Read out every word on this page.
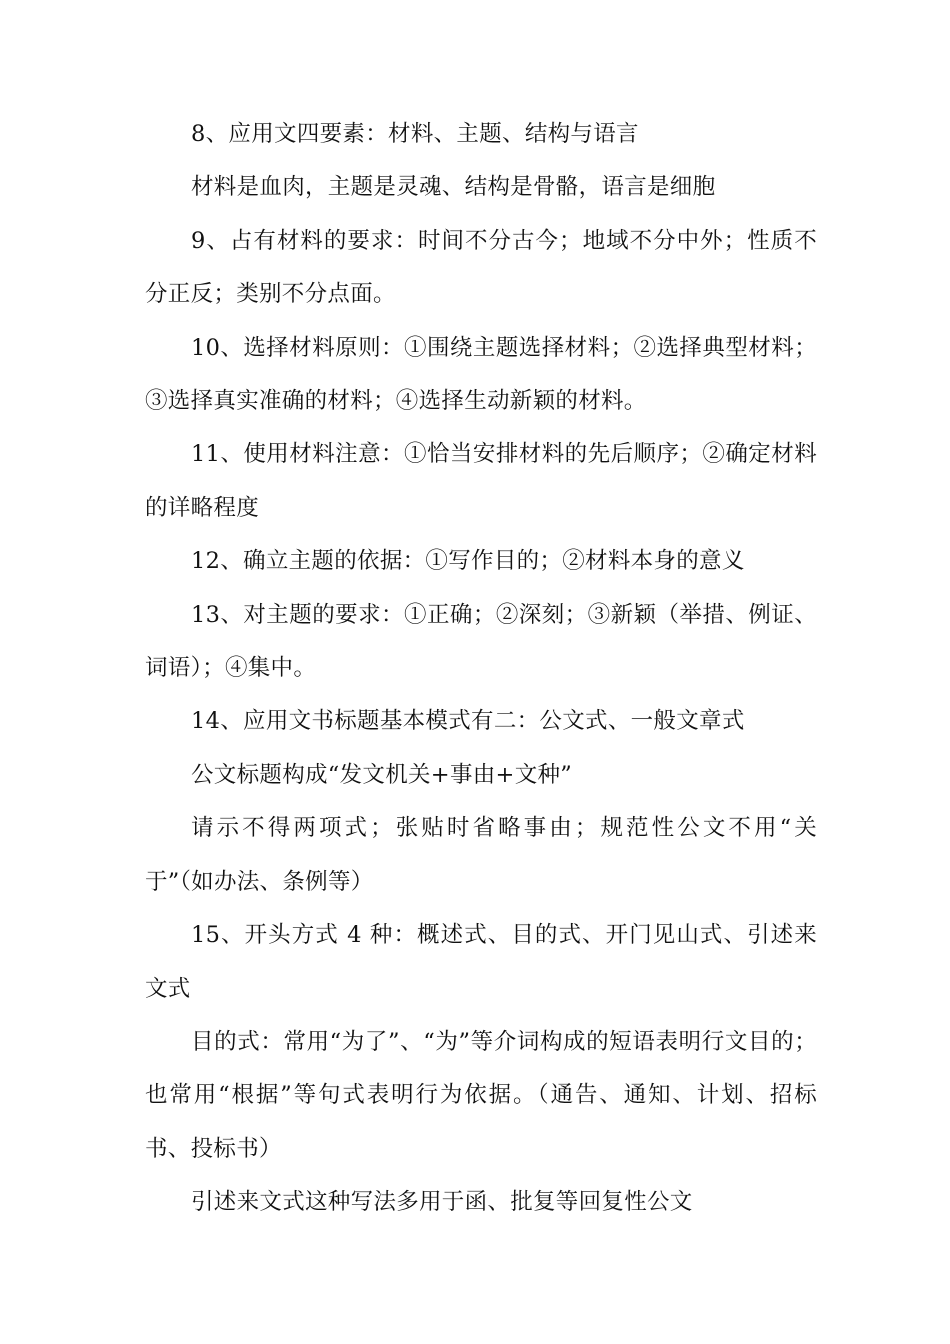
8、应用文四要素：材料、主题、结构与语言

材料是血肉，主题是灵魂、结构是骨骼，语言是细胞

9、占有材料的要求：时间不分古今；地域不分中外；性质不分正反；类别不分点面。

10、选择材料原则：①围绕主题选择材料；②选择典型材料；③选择真实准确的材料；④选择生动新颖的材料。

11、使用材料注意：①恰当安排材料的先后顺序；②确定材料的详略程度

12、确立主题的依据：①写作目的；②材料本身的意义

13、对主题的要求：①正确；②深刻；③新颖（举措、例证、词语）；④集中。

14、应用文书标题基本模式有二：公文式、一般文章式

公文标题构成“发文机关+事由+文种”

请示不得两项式；张贴时省略事由；规范性公文不用“关于”（如办法、条例等）

15、开头方式 4 种：概述式、目的式、开门见山式、引述来文式

目的式：常用“为了”、“为”等介词构成的短语表明行文目的；也常用“根据”等句式表明行为依据。（通告、通知、计划、招标书、投标书）

引述来文式这种写法多用于函、批复等回复性公文
